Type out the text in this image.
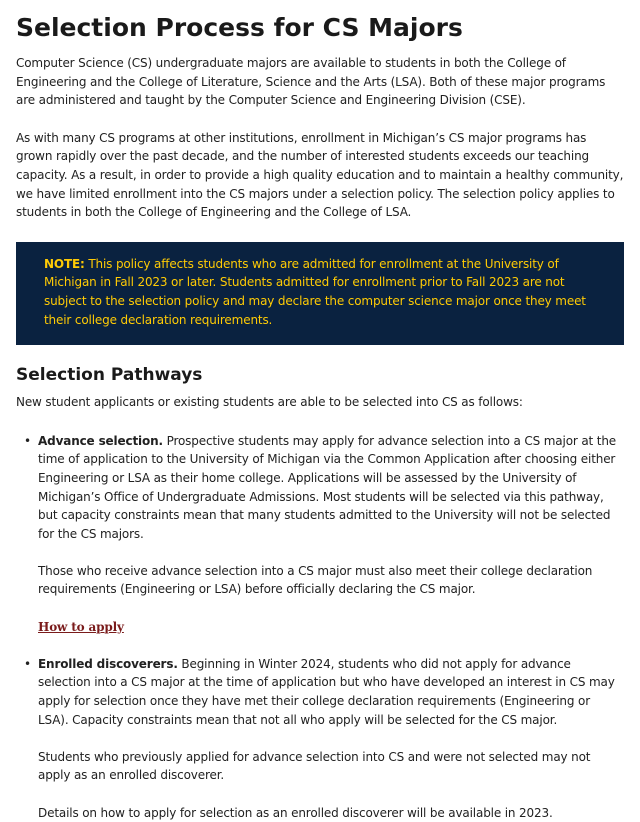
Selection Process for CS Majors

Computer Science (CS) undergraduate majors are available to students in both the College of Engineering and the College of Literature, Science and the Arts (LSA). Both of these major programs are administered and taught by the Computer Science and Engineering Division (CSE).

As with many CS programs at other institutions, enrollment in Michigan’s CS major programs has grown rapidly over the past decade, and the number of interested students exceeds our teaching capacity. As a result, in order to provide a high quality education and to maintain a healthy community, we have limited enrollment into the CS majors under a selection policy. The selection policy applies to students in both the College of Engineering and the College of LSA.

NOTE: This policy affects students who are admitted for enrollment at the University of Michigan in Fall 2023 or later. Students admitted for enrollment prior to Fall 2023 are not subject to the selection policy and may declare the computer science major once they meet their college declaration requirements.
Selection Pathways

New student applicants or existing students are able to be selected into CS as follows:

• Advance selection. Prospective students may apply for advance selection into a CS major at the time of application to the University of Michigan via the Common Application after choosing either Engineering or LSA as their home college. Applications will be assessed by the University of Michigan’s Office of Undergraduate Admissions. Most students will be selected via this pathway, but capacity constraints mean that many students admitted to the University will not be selected for the CS majors.

Those who receive advance selection into a CS major must also meet their college declaration requirements (Engineering or LSA) before officially declaring the CS major.

How to apply

• Enrolled discoverers. Beginning in Winter 2024, students who did not apply for advance selection into a CS major at the time of application but who have developed an interest in CS may apply for selection once they have met their college declaration requirements (Engineering or LSA). Capacity constraints mean that not all who apply will be selected for the CS major.

Students who previously applied for advance selection into CS and were not selected may not apply as an enrolled discoverer.

Details on how to apply for selection as an enrolled discoverer will be available in 2023.
